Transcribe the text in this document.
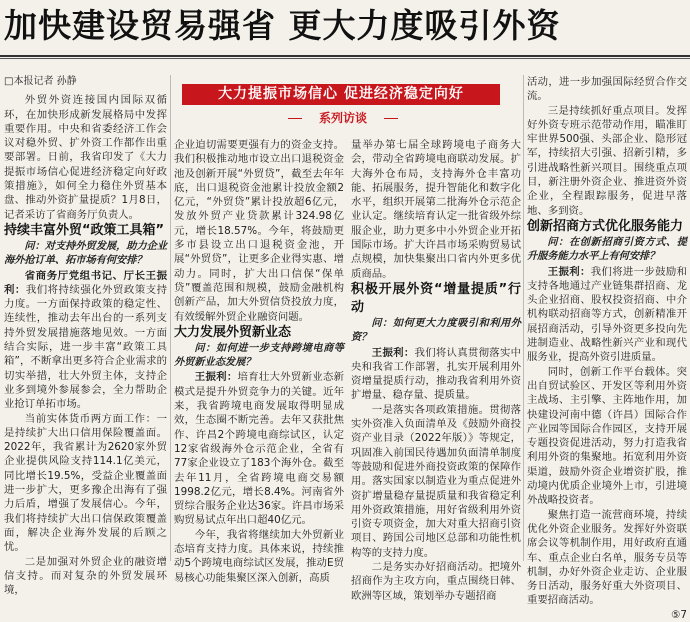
加快建设贸易强省 更大力度吸引外资
大力提振市场信心 促进经济稳定向好
系列访谈
□本报记者 孙静

外贸外资连接国内国际双循环，在加快形成新发展格局中发挥重要作用。中央和省委经济工作会议对稳外贸、扩外资工作都作出重要部署。日前，我省印发了《大力提振市场信心促进经济稳定向好政策措施》，如何全力稳住外贸基本盘、推动外资扩量提质？1月8日，记者采访了省商务厅负责人。

持续丰富外贸“政策工具箱”

问：对支持外贸发展，助力企业海外抢订单、拓市场有何安排？

省商务厅党组书记、厅长王振利：我们将持续强化外贸政策支持力度。一方面保持政策的稳定性、连续性，推动去年出台的一系列支持外贸发展措施落地见效。一方面结合实际，进一步丰富“政策工具箱”，不断拿出更多符合企业需求的切实举措，壮大外贸主体，支持企业多到境外参展参会，全力帮助企业抢订单拓市场。

当前实体货币两方面工作：一是持续扩大出口信用保险覆盖面。2022年，我省累计为2620家外贸企业提供风险支持114.1亿美元，同比增长19.5%，受益企业覆盖面进一步扩大，更多豫企出海有了强力后盾，增强了发展信心。今年，我们将持续扩大出口信保政策覆盖面，解决企业海外发展的后顾之忧。

二是加强对外贸企业的融资增信支持。而对复杂的外贸发展环境，

企业迫切需要更强有力的资金支持。我们积极推动地市设立出口退税资金池及创新开展“外贸贷”，截至去年年底，出口退税资金池累计投放金额2亿元，“外贸贷”累计投放超6亿元，发放外贸产业贷款累计324.98亿元，增长18.57%。今年，将鼓励更多市县设立出口退税资金池，开展“外贸贷”，让更多企业得实惠、增动力。同时，扩大出口信保“保单贷”覆盖范围和规模，鼓励金融机构创新产品，加大外贸信贷投放力度，有效缓解外贸企业融资问题。

大力发展外贸新业态

问：如何进一步支持跨境电商等外贸新业态发展？

王振利：培育壮大外贸新业态新模式是提升外贸竞争力的关键。近年来，我省跨境电商发展取得明显成效，生态圈不断完善。去年又获批焦作、许昌2个跨境电商综试区，认定12家省级海外仓示范企业，全省有77家企业设立了183个海外仓。截至去年11月，全省跨境电商交易额1998.2亿元，增长8.4%。河南省外贸综合服务企业达36家。许昌市场采购贸易试点年出口超40亿元。

今年，我省将继续加大外贸新业态培育支持力度。具体来说，持续推动5个跨境电商综试区发展，推动E贸易核心功能集聚区深入创新，高质

量举办第七届全球跨境电子商务大会，带动全省跨境电商联动发展。扩大海外仓布局，支持海外仓丰富功能、拓展服务，提升智能化和数字化水平，组织开展第二批海外仓示范企业认定。继续培育认定一批省级外综服企业，助力更多中小外贸企业开拓国际市场。扩大许昌市场采购贸易试点规模，加快集聚出口省内外更多优质商品。

积极开展外资“增量提质”行动

问：如何更大力度吸引和利用外资？

王振利：我们将认真贯彻落实中央和我省工作部署，扎实开展利用外资增量提质行动，推动我省利用外资扩增量、稳存量、提质量。

一是落实各项政策措施。贯彻落实外资准入负面清单及《鼓励外商投资产业目录（2022年版）》等规定，巩固准入前国民待遇加负面清单制度等鼓励和促进外商投资政策的保障作用。落实国家以制造业为重点促进外资扩增量稳存量提质量和我省稳定利用外资政策措施，用好省级利用外资引资专项资金，加大对重大招商引资项目、跨国公司地区总部和功能性机构等的支持力度。

二是务实办好招商活动。把境外招商作为主攻方向，重点围绕日韩、欧洲等区域，策划举办专题招商

活动，进一步加强国际经贸合作交流。

三是持续抓好重点项目。发挥好外资专班示范带动作用，瞄准盯牢世界500强、头部企业、隐形冠军，持续招大引强、招新引精，多引进战略性新兴项目。围绕重点项目，新注册外资企业、推进资外资企业，全程跟踪服务，促进早落地、多到资。

创新招商方式优化服务能力

问：在创新招商引资方式、提升服务能力水平上有何安排？

王振利：我们将进一步鼓励和支持各地通过产业链集群招商、龙头企业招商、股权投资招商、中介机构联动招商等方式，创新精准开展招商活动，引导外资更多投向先进制造业、战略性新兴产业和现代服务业，提高外资引进质量。

同时，创新工作平台载体。突出自贸试验区、开发区等利用外资主战场、主引擎、主阵地作用，加快建设河南中德（许昌）国际合作产业园等国际合作园区，支持开展专题投资促进活动，努力打造我省利用外资的集聚地。拓宽利用外资渠道，鼓励外资企业增资扩股，推动境内优质企业境外上市，引进境外战略投资者。

聚焦打造一流营商环境，持续优化外资企业服务。发挥好外资联席会议等机制作用，用好政府直通车、重点企业白名单，服务专员等机制，办好外资企业走访、企业服务日活动，服务好重大外资项目、重要招商活动。

⑤7
